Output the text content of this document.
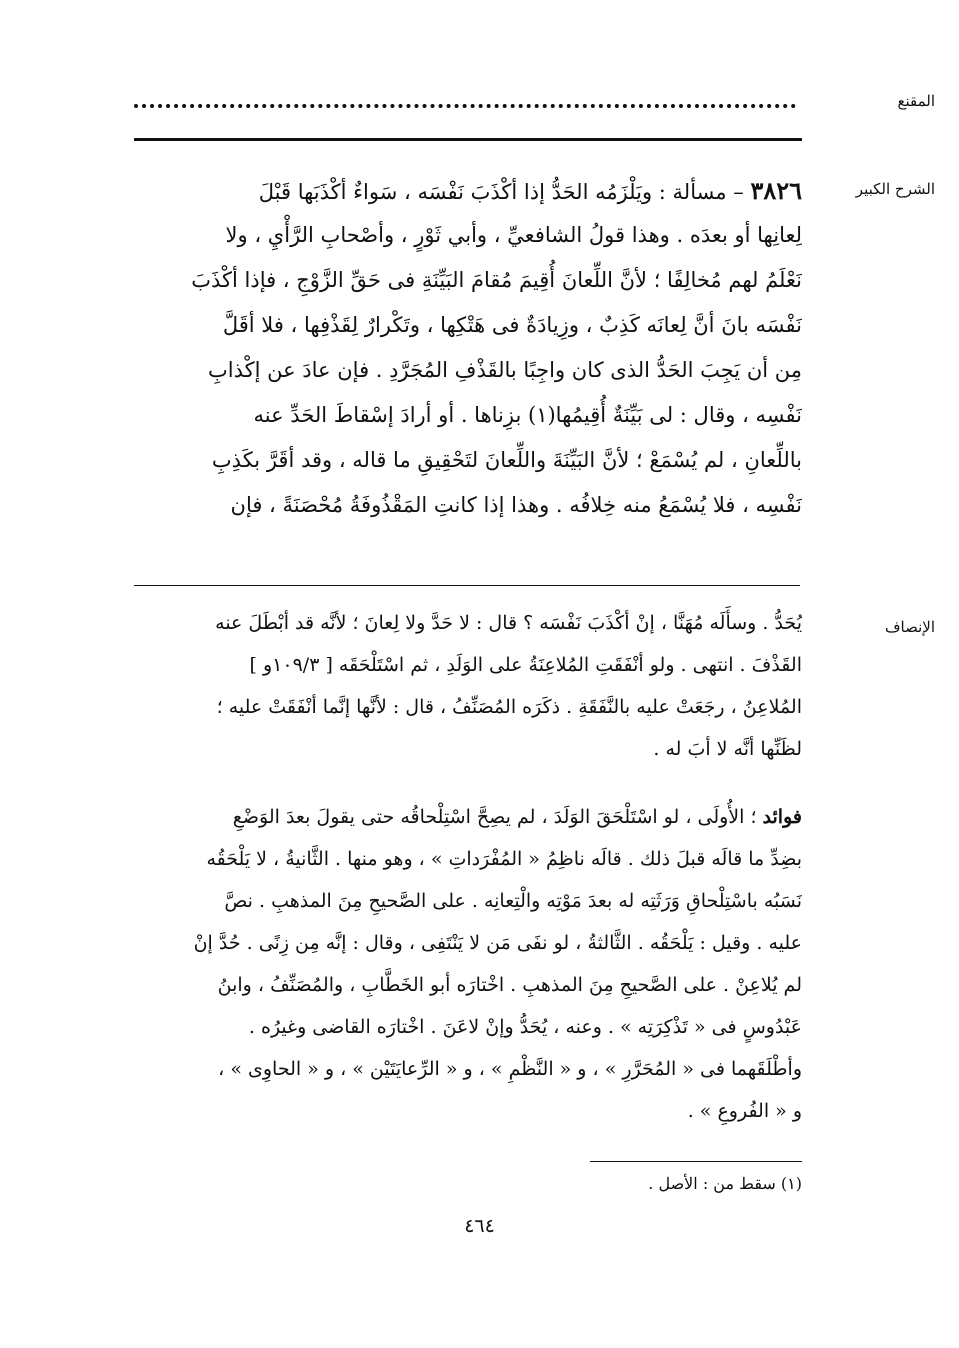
المقنع
الشرح الكبير
٣٨٢٦ – مسألة : ويَلْزَمُه الحَدُّ إذا أكْذَبَ نَفْسَه ، سَواءٌ أكْذَبَها قَبْلَ
لِعانِها أو بعدَه . وهذا قولُ الشافعيِّ ، وأبي ثَوْرٍ ، وأصْحابِ الرَّأْيِ ، ولا
نَعْلَمُ لهم مُخالِفًا ؛ لأنَّ اللِّعانَ أُقِيمَ مُقامَ البَيِّنَةِ فى حَقِّ الزَّوْجِ ، فإذا أكْذَبَ
نَفْسَه بانَ أنَّ لِعانَه كَذِبٌ ، وزِيادَةٌ فى هَتْكِها ، وتَكْرارٌ لِقَذْفِها ، فلا أقَلَّ
مِن أن يَجِبَ الحَدُّ الذى كان واجِبًا بالقَذْفِ المُجَرَّدِ . فإن عادَ عن إكْذابِ
نَفْسِه ، وقال : لى بَيِّنَةٌ أُقِيمُها(١) بزِناها . أو أرادَ إسْقاطَ الحَدِّ عنه
باللِّعانِ ، لم يُسْمَعْ ؛ لأنَّ البَيِّنَةَ واللِّعانَ لتَحْقِيقِ ما قاله ، وقد أقَرَّ بكَذِبِ
نَفْسِه ، فلا يُسْمَعُ منه خِلافُه . وهذا إذا كانتِ المَقْذُوفَةُ مُحْصَنَةً ، فإن
الإنصاف
يُحَدُّ . وسأَلَه مُهَنَّا ، إنْ أكْذَبَ نَفْسَه ؟ قال : لا حَدَّ ولا لِعانَ ؛ لأنَّه قد أبْطَلَ عنه
القَذْفَ . انتهى . ولو أنْفَقَتِ المُلاعِنَةُ على الوَلَدِ ، ثم اسْتَلْحَقَه [ ١٠٩/٣و ]
المُلاعِنُ ، رجَعَتْ عليه بالنَّفَقَةِ . ذكَرَه المُصَنِّفُ ، قال : لأنَّها إنَّما أنْفَقَتْ عليه ؛
لظَنِّها أنَّه لا أبَ له .
فوائد ؛ الأُولَى ، لو اسْتَلْحَقَ الوَلَدَ ، لم يصِحَّ اسْتِلْحاقُه حتى يقولَ بعدَ الوَضْعِ
بضِدِّ ما قالَه قبلَ ذلك . قالَه ناظِمُ « المُفْرَداتِ » ، وهو منها . الثَّانيةُ ، لا يَلْحَقُه
نَسَبُه باسْتِلْحاقِ وَرَثَتِه له بعدَ مَوْتِه والْتِعانِه . على الصَّحيحِ مِنَ المذهبِ . نصَّ
عليه . وقيل : يَلْحَقُه . الثَّالثةُ ، لو نفَى مَن لا يَنْتَفِى ، وقال : إنَّه مِن زِنًى . حُدَّ إنْ
لم يُلاعِنْ . على الصَّحيحِ مِنَ المذهبِ . اخْتارَه أبو الخَطَّابِ ، والمُصَنِّفُ ، وابنُ
عَبْدُوسٍ فى « تَذْكِرَتِه » . وعنه ، يُحَدُّ وإنْ لاعَنَ . اخْتارَه القاضى وغيرُه .
وأطْلَقَهما فى « المُحَرَّرِ » ، و « النَّظْمِ » ، و « الرِّعايَتَيْن » ، و « الحاوِى » ،
و « الفُروعِ » .
(١) سقط من : الأصل .
٤٦٤
